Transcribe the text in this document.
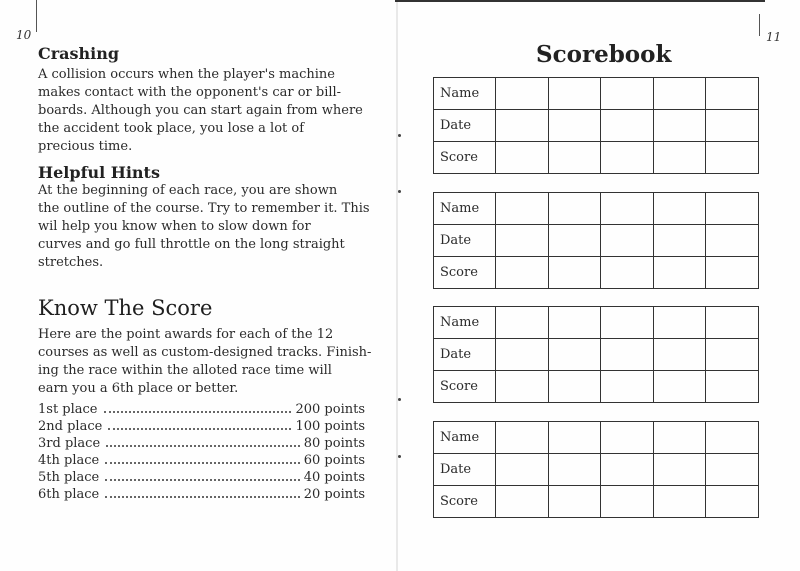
10	11
Crashing
A collision occurs when the player's machine
makes contact with the opponent's car or bill-
boards. Although you can start again from where
the accident took place, you lose a lot of
precious time.
Helpful Hints
At the beginning of each race, you are shown
the outline of the course. Try to remember it. This
wil help you know when to slow down for
curves and go full throttle on the long straight
stretches.
Know The Score
Here are the point awards for each of the 12
courses as well as custom-designed tracks. Finish-
ing the race within the alloted race time will
earn you a 6th place or better.
1st place	200 points
2nd place	100 points
3rd place	80 points
4th place	60 points
5th place	40 points
6th place	20 points
Scorebook
Name					
Date					
Score					
Name					
Date					
Score					
Name					
Date					
Score					
Name					
Date					
Score					
